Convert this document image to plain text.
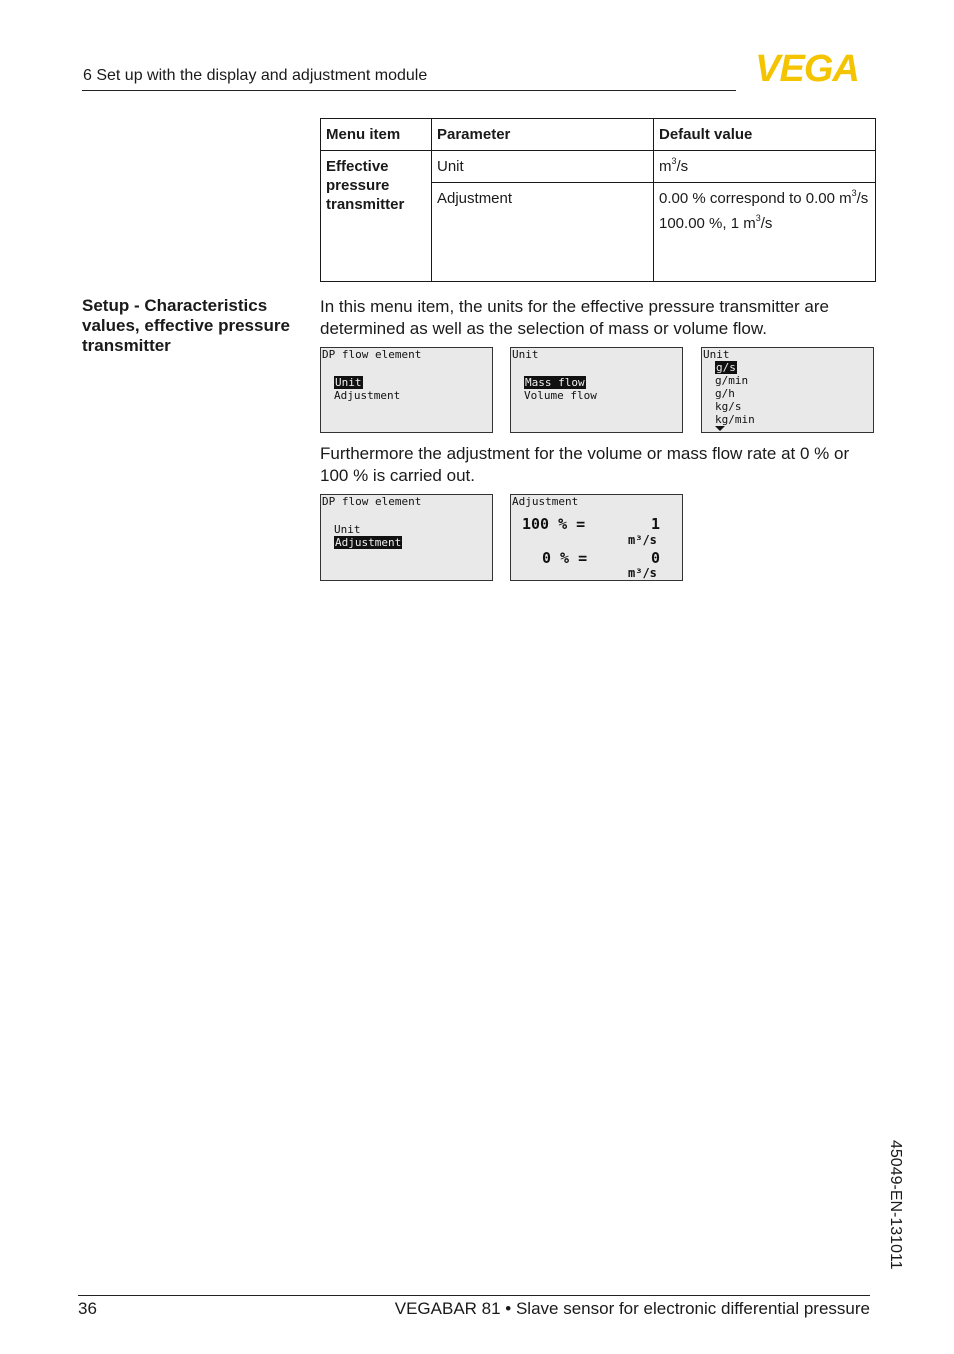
6 Set up with the display and adjustment module	VEGA
Menu item	Parameter	Default value
Effective pressure transmitter	Unit	$m^3/s$
	Adjustment	0.00 % correspond to 0.00 $m^3/s$
100.00 %, 1 $m^3/s$
Setup - Characteristics values, effective pressure transmitter
In this menu item, the units for the effective pressure transmitter are determined as well as the selection of mass or volume flow.
DP flow element
Unit
Adjustment
Unit
Mass flow
Volume flow
Unit
g/s
g/min
g/h
kg/s
kg/min
Furthermore the adjustment for the volume or mass flow rate at 0 % or 100 % is carried out.
DP flow element
Unit
Adjustment
Adjustment
100 % =	1
m³/s
0 % =	0
m³/s
45049-EN-131011
36	VEGABAR 81 • Slave sensor for electronic differential pressure
